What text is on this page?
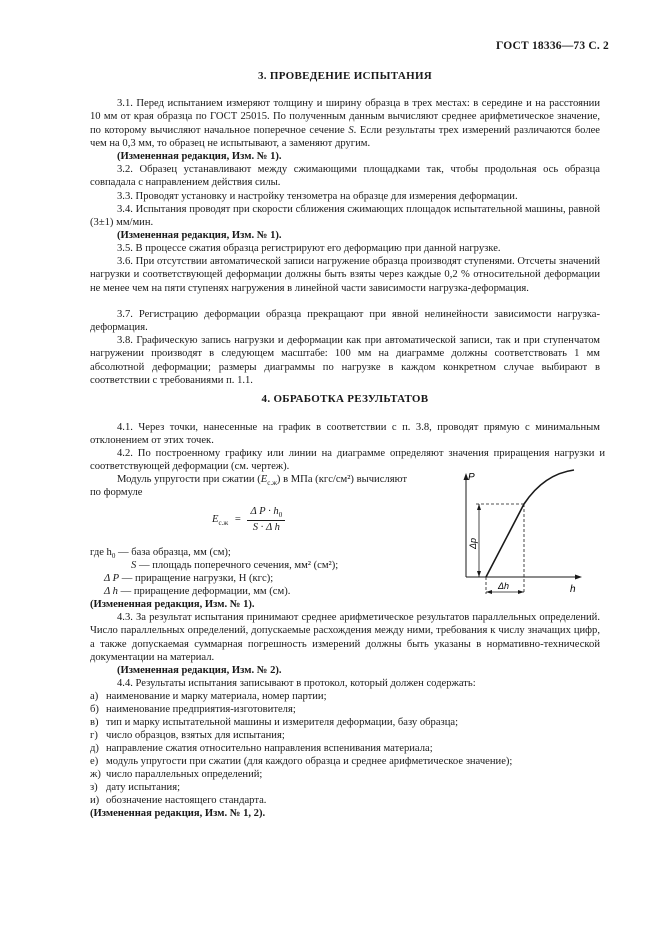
ГОСТ 18336—73 С. 2
3. ПРОВЕДЕНИЕ ИСПЫТАНИЯ

3.1. Перед испытанием измеряют толщину и ширину образца в трех местах: в середине и на расстоянии 10 мм от края образца по ГОСТ 25015. По полученным данным вычисляют среднее арифметическое значение, по которому вычисляют начальное поперечное сечение S. Если результаты трех измерений различаются более чем на 0,3 мм, то образец не испытывают, а заменяют другим.

(Измененная редакция, Изм. № 1).

3.2. Образец устанавливают между сжимающими площадками так, чтобы продольная ось образца совпадала с направлением действия силы.

3.3. Проводят установку и настройку тензометра на образце для измерения деформации.

3.4. Испытания проводят при скорости сближения сжимающих площадок испытательной машины, равной (3±1) мм/мин.

(Измененная редакция, Изм. № 1).

3.5. В процессе сжатия образца регистрируют его деформацию при данной нагрузке.

3.6. При отсутствии автоматической записи нагружение образца производят ступенями. Отсчеты значений нагрузки и соответствующей деформации должны быть взяты через каждые 0,2 % относительной деформации не менее чем на пяти ступенях нагружения в линейной части зависимости нагрузка-деформация.

3.7. Регистрацию деформации образца прекращают при явной нелинейности зависимости нагрузка-деформация.

3.8. Графическую запись нагрузки и деформации как при автоматической записи, так и при ступенчатом нагружении производят в следующем масштабе: 100 мм на диаграмме должны соответствовать 1 мм абсолютной деформации; размеры диаграммы по нагрузке в каждом конкретном случае выбирают в соответствии с требованиями п. 1.1.

4. ОБРАБОТКА РЕЗУЛЬТАТОВ

4.1. Через точки, нанесенные на график в соответствии с п. 3.8, проводят прямую с минимальным отклонением от этих точек.

4.2. По построенному графику или линии на диаграмме определяют значения приращения нагрузки и соответствующей деформации (см. чертеж).

Модуль упругости при сжатии $(E_{с.ж})$ в МПа (кгс/см²) вычисляют
по формуле
$E_{с.ж} = \frac{\Delta P \cdot h_0}{\text{S · Δ h}}$
где $h_0$ — база образца, мм (см);
S — площадь поперечного сечения, мм² (см²);
Δ P — приращение нагрузки, Н (кгс);
Δ h — приращение деформации, мм (см).
(Измененная редакция, Изм. № 1).
P
h
Δp
Δh

4.3. За результат испытания принимают среднее арифметическое результатов параллельных определений. Число параллельных определений, допускаемые расхождения между ними, требования к числу значащих цифр, а также допускаемая суммарная погрешность измерений должны быть указаны в нормативно-технической документации на материал.

(Измененная редакция, Изм. № 2).

4.4. Результаты испытания записывают в протокол, который должен содержать:

а) наименование и марку материала, номер партии;
б) наименование предприятия-изготовителя;
в) тип и марку испытательной машины и измерителя деформации, базу образца;
г) число образцов, взятых для испытания;
д) направление сжатия относительно направления вспенивания материала;
е) модуль упругости при сжатии (для каждого образца и среднее арифметическое значение);
ж) число параллельных определений;
з) дату испытания;
и) обозначение настоящего стандарта.
(Измененная редакция, Изм. № 1, 2).
